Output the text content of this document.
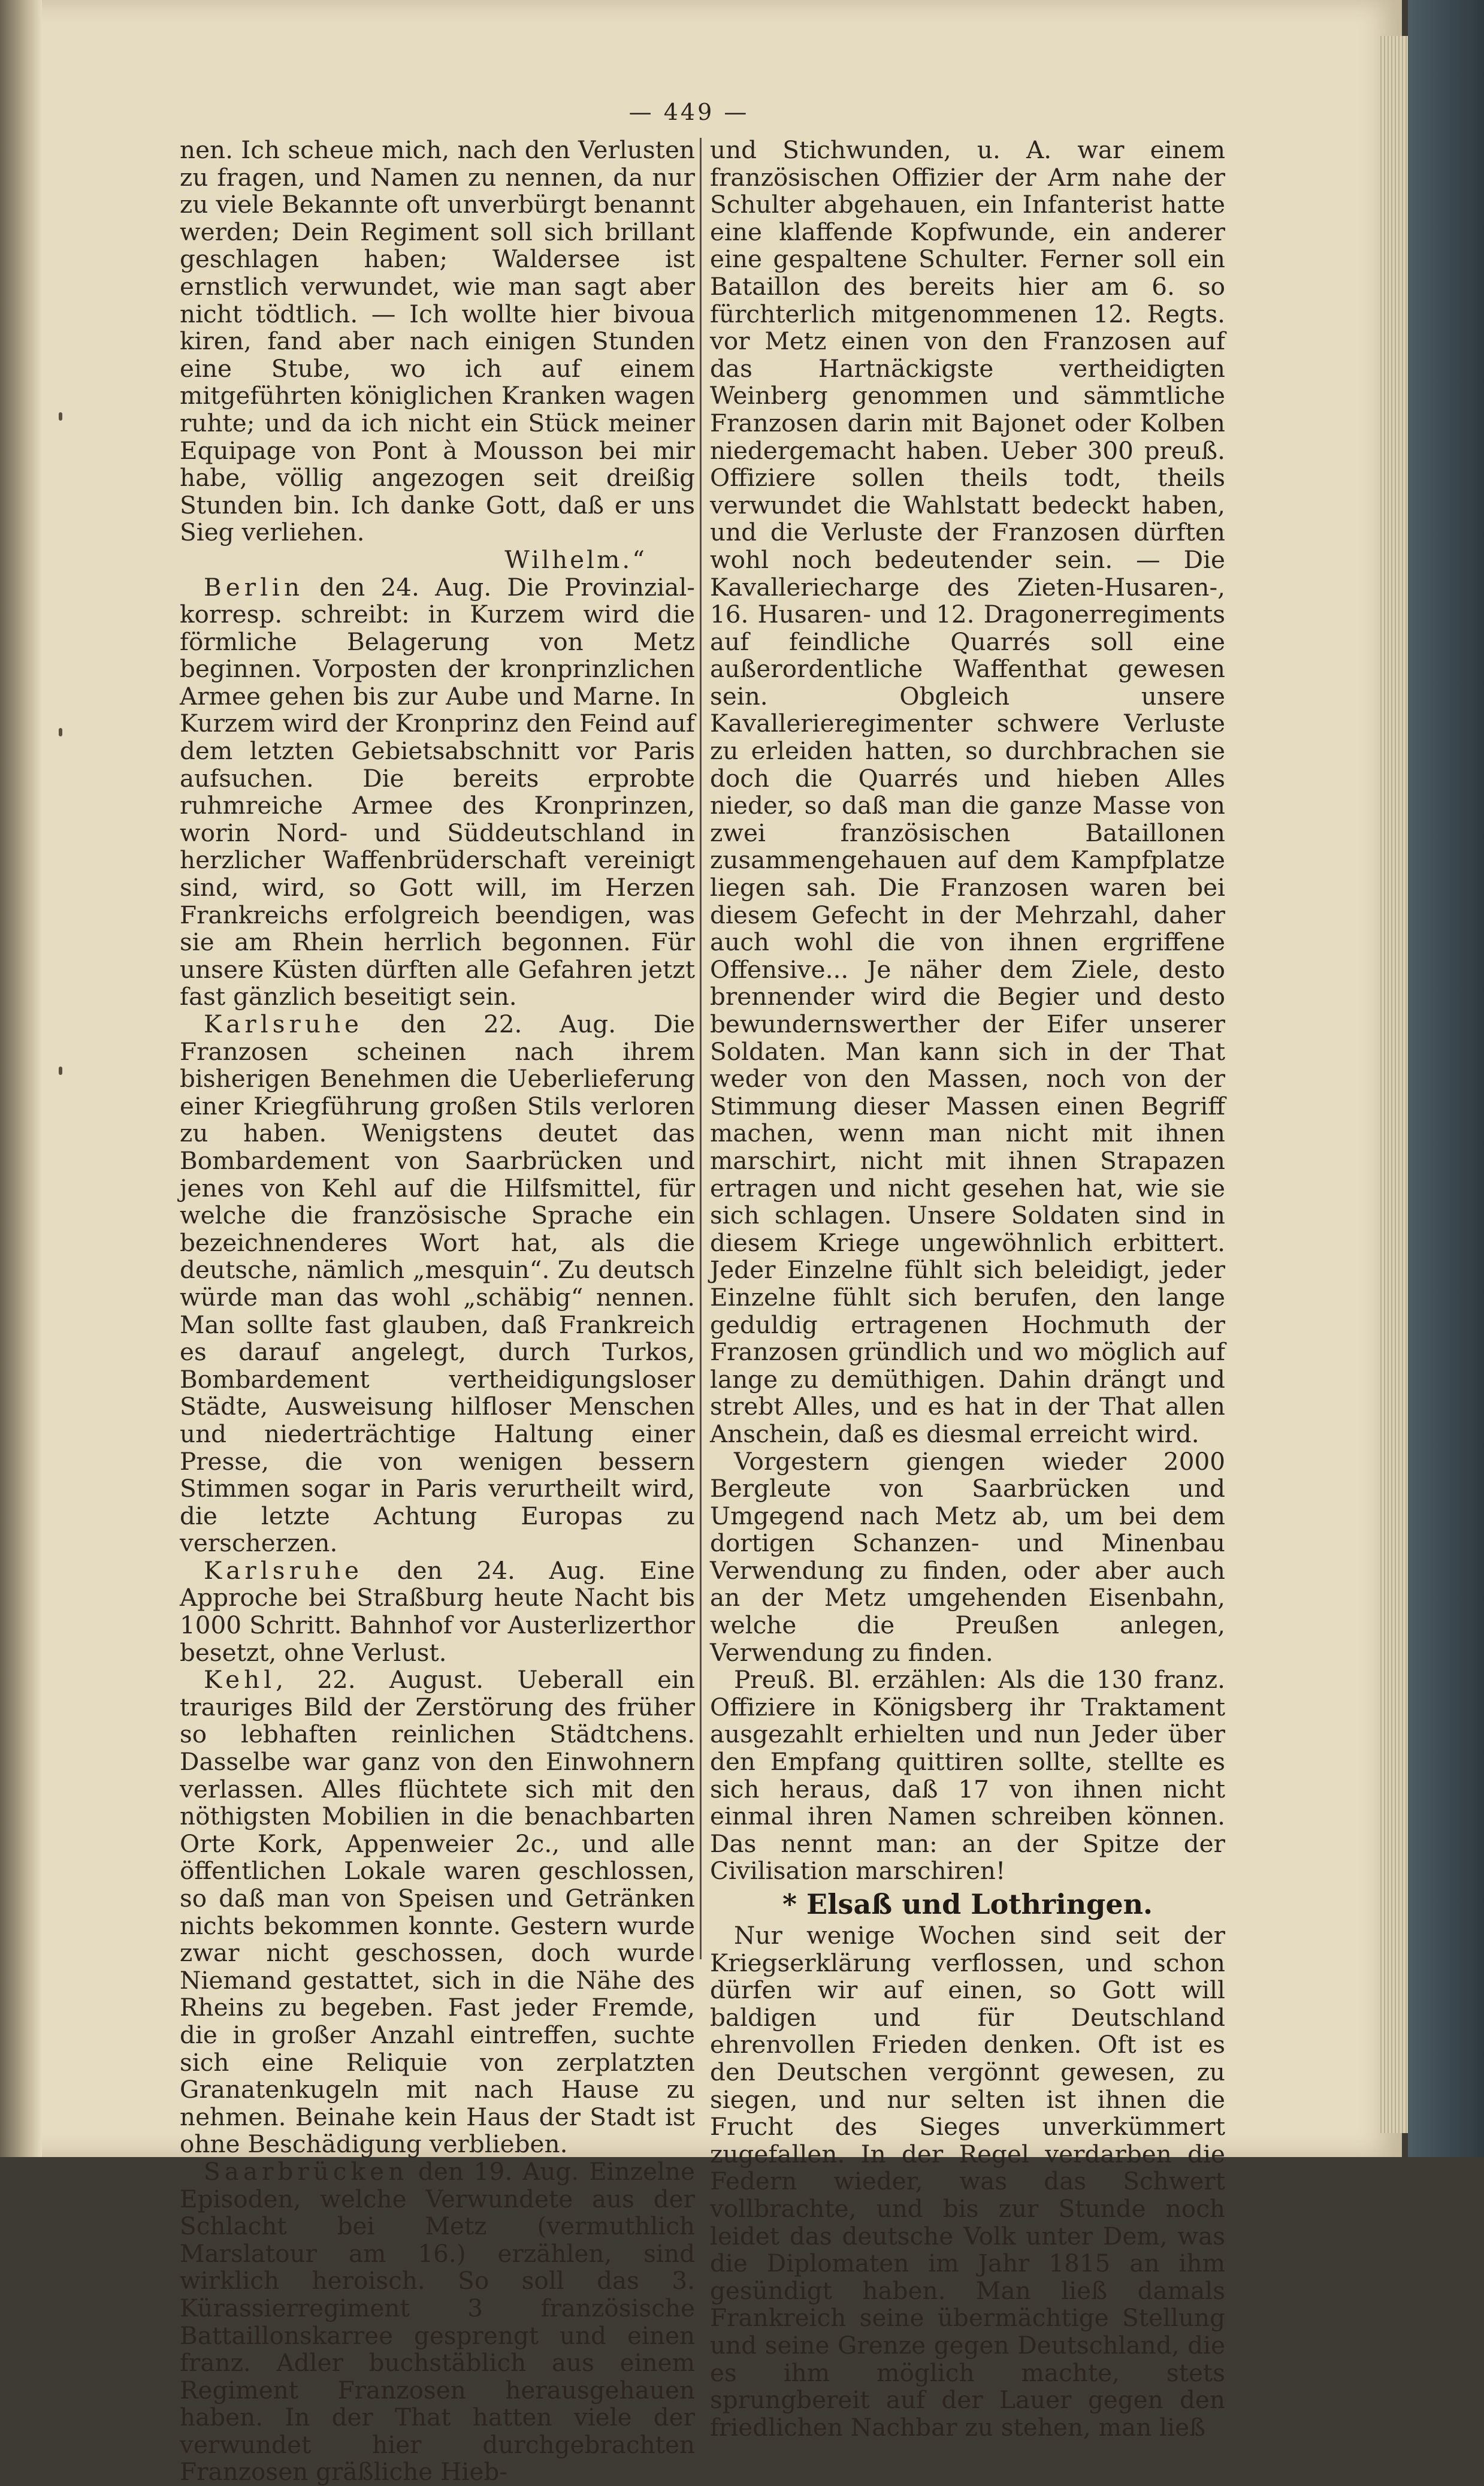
— 449 —

nen. Ich scheue mich, nach den Verlusten zu fragen, und Namen zu nennen, da nur zu viele Bekannte oft unverbürgt benannt werden; Dein Regiment soll sich brillant geschlagen haben; Waldersee ist ernstlich verwundet, wie man sagt aber nicht tödtlich. — Ich wollte hier bivoua kiren, fand aber nach einigen Stunden eine Stube, wo ich auf einem mitgeführten königlichen Kranken wagen ruhte; und da ich nicht ein Stück meiner Equipage von Pont à Mousson bei mir habe, völlig angezogen seit dreißig Stunden bin. Ich danke Gott, daß er uns Sieg verliehen.

Wilhelm.“

Berlin den 24. Aug. Die Provinzial-korresp. schreibt: in Kurzem wird die förmliche Belagerung von Metz beginnen. Vorposten der kronprinzlichen Armee gehen bis zur Aube und Marne. In Kurzem wird der Kronprinz den Feind auf dem letzten Gebietsabschnitt vor Paris aufsuchen. Die bereits erprobte ruhmreiche Armee des Kronprinzen, worin Nord- und Süddeutschland in herzlicher Waffenbrüderschaft vereinigt sind, wird, so Gott will, im Herzen Frankreichs erfolgreich beendigen, was sie am Rhein herrlich begonnen. Für unsere Küsten dürften alle Gefahren jetzt fast gänzlich beseitigt sein.

Karlsruhe den 22. Aug. Die Franzosen scheinen nach ihrem bisherigen Benehmen die Ueberlieferung einer Kriegführung großen Stils verloren zu haben. Wenigstens deutet das Bombardement von Saarbrücken und jenes von Kehl auf die Hilfsmittel, für welche die französische Sprache ein bezeichnenderes Wort hat, als die deutsche, nämlich „mesquin“. Zu deutsch würde man das wohl „schäbig“ nennen. Man sollte fast glauben, daß Frankreich es darauf angelegt, durch Turkos, Bombardement vertheidigungsloser Städte, Ausweisung hilfloser Menschen und niederträchtige Haltung einer Presse, die von wenigen bessern Stimmen sogar in Paris verurtheilt wird, die letzte Achtung Europas zu verscherzen.

Karlsruhe den 24. Aug. Eine Approche bei Straßburg heute Nacht bis 1000 Schritt. Bahnhof vor Austerlizerthor besetzt, ohne Verlust.

Kehl, 22. August. Ueberall ein trauriges Bild der Zerstörung des früher so lebhaften reinlichen Städtchens. Dasselbe war ganz von den Einwohnern verlassen. Alles flüchtete sich mit den nöthigsten Mobilien in die benachbarten Orte Kork, Appenweier 2c., und alle öffentlichen Lokale waren geschlossen, so daß man von Speisen und Getränken nichts bekommen konnte. Gestern wurde zwar nicht geschossen, doch wurde Niemand gestattet, sich in die Nähe des Rheins zu begeben. Fast jeder Fremde, die in großer Anzahl eintreffen, suchte sich eine Reliquie von zerplatzten Granatenkugeln mit nach Hause zu nehmen. Beinahe kein Haus der Stadt ist ohne Beschädigung verblieben.

Saarbrücken den 19. Aug. Einzelne Episoden, welche Verwundete aus der Schlacht bei Metz (vermuthlich Marslatour am 16.) erzählen, sind wirklich heroisch. So soll das 3. Kürassierregiment 3 französische Battaillonskarree gesprengt und einen franz. Adler buchstäblich aus einem Regiment Franzosen herausgehauen haben. In der That hatten viele der verwundet hier durchgebrachten Franzosen gräßliche Hieb-

und Stichwunden, u. A. war einem französischen Offizier der Arm nahe der Schulter abgehauen, ein Infanterist hatte eine klaffende Kopfwunde, ein anderer eine gespaltene Schulter. Ferner soll ein Bataillon des bereits hier am 6. so fürchterlich mitgenommenen 12. Regts. vor Metz einen von den Franzosen auf das Hartnäckigste vertheidigten Weinberg genommen und sämmtliche Franzosen darin mit Bajonet oder Kolben niedergemacht haben. Ueber 300 preuß. Offiziere sollen theils todt, theils verwundet die Wahlstatt bedeckt haben, und die Verluste der Franzosen dürften wohl noch bedeutender sein. — Die Kavalleriecharge des Zieten-Husaren-, 16. Husaren- und 12. Dragonerregiments auf feindliche Quarrés soll eine außerordentliche Waffenthat gewesen sein. Obgleich unsere Kavallerieregimenter schwere Verluste zu erleiden hatten, so durchbrachen sie doch die Quarrés und hieben Alles nieder, so daß man die ganze Masse von zwei französischen Bataillonen zusammengehauen auf dem Kampfplatze liegen sah. Die Franzosen waren bei diesem Gefecht in der Mehrzahl, daher auch wohl die von ihnen ergriffene Offensive... Je näher dem Ziele, desto brennender wird die Begier und desto bewundernswerther der Eifer unserer Soldaten. Man kann sich in der That weder von den Massen, noch von der Stimmung dieser Massen einen Begriff machen, wenn man nicht mit ihnen marschirt, nicht mit ihnen Strapazen ertragen und nicht gesehen hat, wie sie sich schlagen. Unsere Soldaten sind in diesem Kriege ungewöhnlich erbittert. Jeder Einzelne fühlt sich beleidigt, jeder Einzelne fühlt sich berufen, den lange geduldig ertragenen Hochmuth der Franzosen gründlich und wo möglich auf lange zu demüthigen. Dahin drängt und strebt Alles, und es hat in der That allen Anschein, daß es diesmal erreicht wird.

Vorgestern giengen wieder 2000 Bergleute von Saarbrücken und Umgegend nach Metz ab, um bei dem dortigen Schanzen- und Minenbau Verwendung zu finden, oder aber auch an der Metz umgehenden Eisenbahn, welche die Preußen anlegen, Verwendung zu finden.

Preuß. Bl. erzählen: Als die 130 franz. Offiziere in Königsberg ihr Traktament ausgezahlt erhielten und nun Jeder über den Empfang quittiren sollte, stellte es sich heraus, daß 17 von ihnen nicht einmal ihren Namen schreiben können. Das nennt man: an der Spitze der Civilisation marschiren!

* Elsaß und Lothringen.

Nur wenige Wochen sind seit der Kriegserklärung verflossen, und schon dürfen wir auf einen, so Gott will baldigen und für Deutschland ehrenvollen Frieden denken. Oft ist es den Deutschen vergönnt gewesen, zu siegen, und nur selten ist ihnen die Frucht des Sieges unverkümmert zugefallen. In der Regel verdarben die Federn wieder, was das Schwert vollbrachte, und bis zur Stunde noch leidet das deutsche Volk unter Dem, was die Diplomaten im Jahr 1815 an ihm gesündigt haben. Man ließ damals Frankreich seine übermächtige Stellung und seine Grenze gegen Deutschland, die es ihm möglich machte, stets sprungbereit auf der Lauer gegen den friedlichen Nachbar zu stehen, man ließ
